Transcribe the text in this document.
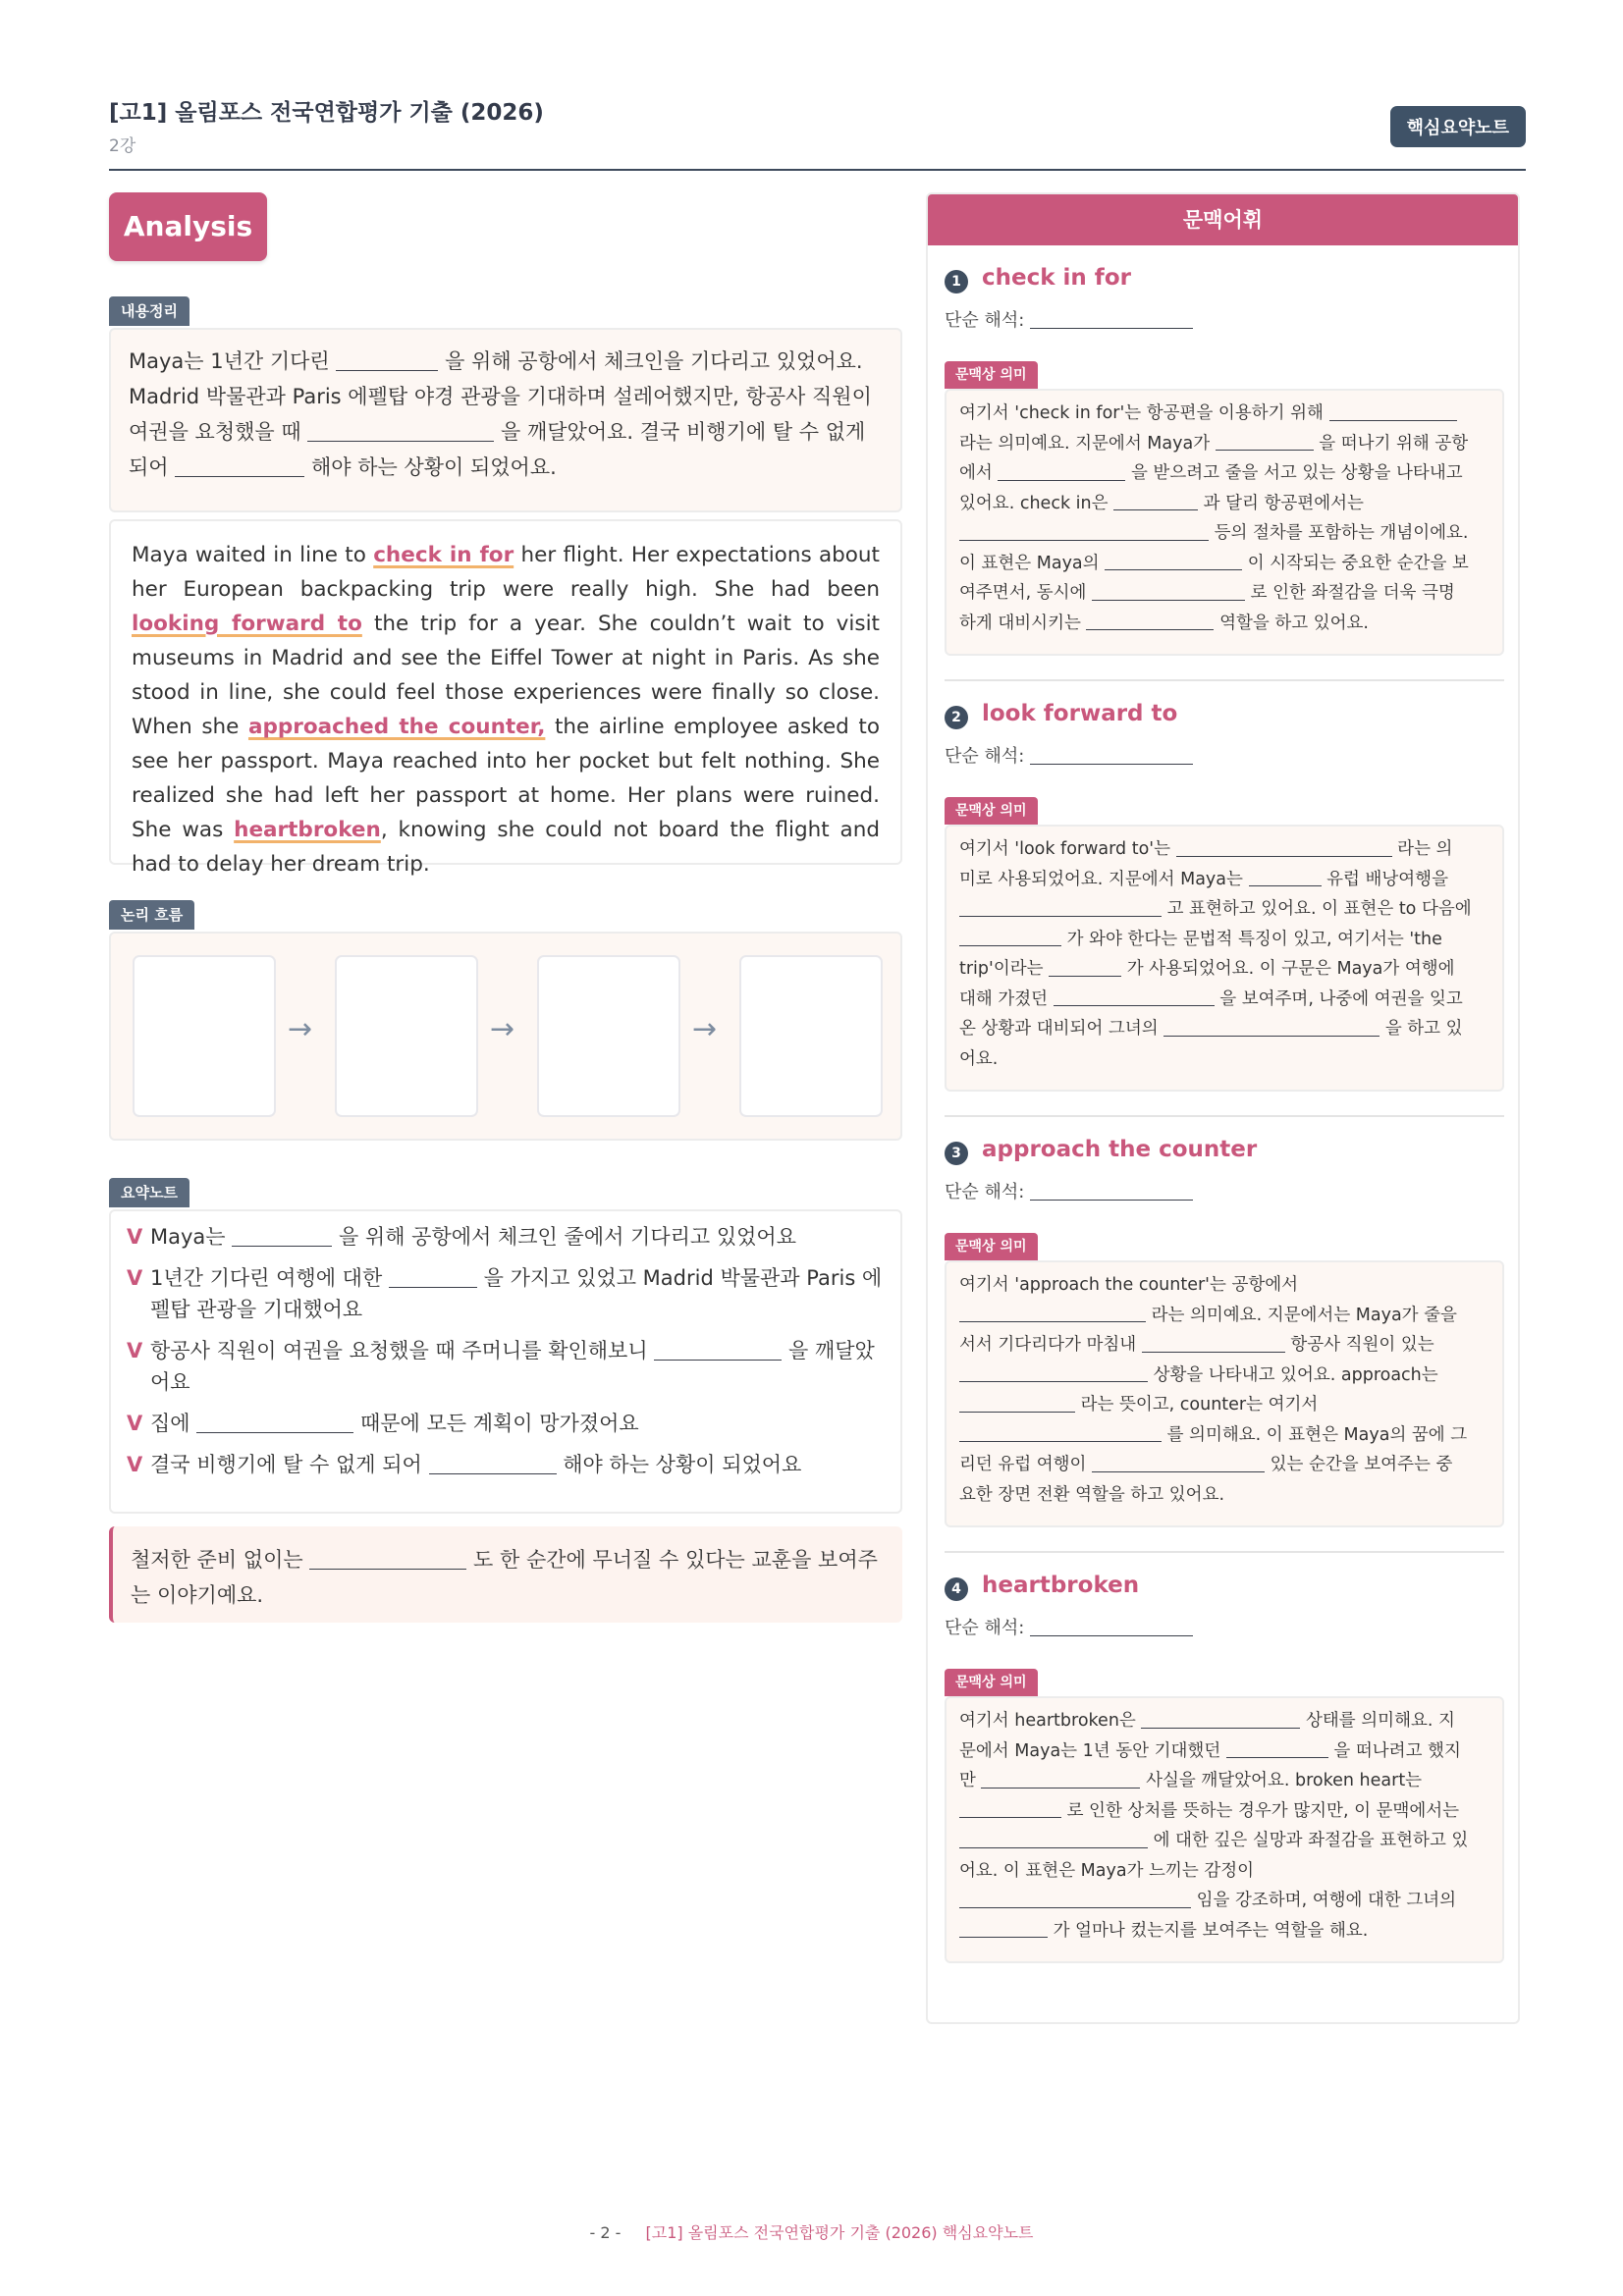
[고1] 올림포스 전국연합평가 기출 (2026)
2강
핵심요약노트
Analysis
내용정리
Maya는 1년간 기다린	을 위해 공항에서 체크인을 기다리고 있었어요.
Madrid 박물관과 Paris 에펠탑 야경 관광을 기대하며 설레어했지만, 항공사 직원이
여권을 요청했을 때	을 깨달았어요. 결국 비행기에 탈 수 없게
되어	해야 하는 상황이 되었어요.
Maya waited in line to check in for her flight. Her expectations about her European backpacking trip were really high. She had been looking forward to the trip for a year. She couldn’t wait to visit museums in Madrid and see the Eiffel Tower at night in Paris. As she stood in line, she could feel those experiences were finally so close. When she approached the counter, the airline employee asked to see her passport. Maya reached into her pocket but felt nothing. She realized she had left her passport at home. Her plans were ruined. She was heartbroken, knowing she could not board the flight and had to delay her dream trip.
논리 흐름
→	→	→
요약노트
V Maya는	을 위해 공항에서 체크인 줄에서 기다리고 있었어요
V 1년간 기다린 여행에 대한	을 가지고 있었고 Madrid 박물관과 Paris 에펠탑 관광을 기대했어요
V 항공사 직원이 여권을 요청했을 때 주머니를 확인해보니	을 깨달았어요
V 집에	때문에 모든 계획이 망가졌어요
V 결국 비행기에 탈 수 없게 되어	해야 하는 상황이 되었어요
철저한 준비 없이는	도 한 순간에 무너질 수 있다는 교훈을 보여주는 이야기예요.
문맥어휘
1 check in for
단순 해석:
문맥상 의미
여기서 'check in for'는 항공편을 이용하기 위해
라는 의미예요. 지문에서 Maya가	을 떠나기 위해 공항
에서	을 받으려고 줄을 서고 있는 상황을 나타내고
있어요. check in은	과 달리 항공편에서는
등의 절차를 포함하는 개념이에요.
이 표현은 Maya의	이 시작되는 중요한 순간을 보
여주면서, 동시에	로 인한 좌절감을 더욱 극명
하게 대비시키는	역할을 하고 있어요.
2 look forward to
단순 해석:
문맥상 의미
여기서 'look forward to'는	라는 의
미로 사용되었어요. 지문에서 Maya는	유럽 배낭여행을
고 표현하고 있어요. 이 표현은 to 다음에
가 와야 한다는 문법적 특징이 있고, 여기서는 'the
trip'이라는	가 사용되었어요. 이 구문은 Maya가 여행에
대해 가졌던	을 보여주며, 나중에 여권을 잊고
온 상황과 대비되어 그녀의	을 하고 있
어요.
3 approach the counter
단순 해석:
문맥상 의미
여기서 'approach the counter'는 공항에서
라는 의미예요. 지문에서는 Maya가 줄을
서서 기다리다가 마침내	항공사 직원이 있는
상황을 나타내고 있어요. approach는
라는 뜻이고, counter는 여기서
를 의미해요. 이 표현은 Maya의 꿈에 그
리던 유럽 여행이	있는 순간을 보여주는 중
요한 장면 전환 역할을 하고 있어요.
4 heartbroken
단순 해석:
문맥상 의미
여기서 heartbroken은	상태를 의미해요. 지
문에서 Maya는 1년 동안 기대했던	을 떠나려고 했지
만	사실을 깨달았어요. broken heart는
로 인한 상처를 뜻하는 경우가 많지만, 이 문맥에서는
에 대한 깊은 실망과 좌절감을 표현하고 있
어요. 이 표현은 Maya가 느끼는 감정이
임을 강조하며, 여행에 대한 그녀의
가 얼마나 컸는지를 보여주는 역할을 해요.
- 2 - [고1] 올림포스 전국연합평가 기출 (2026) 핵심요약노트
